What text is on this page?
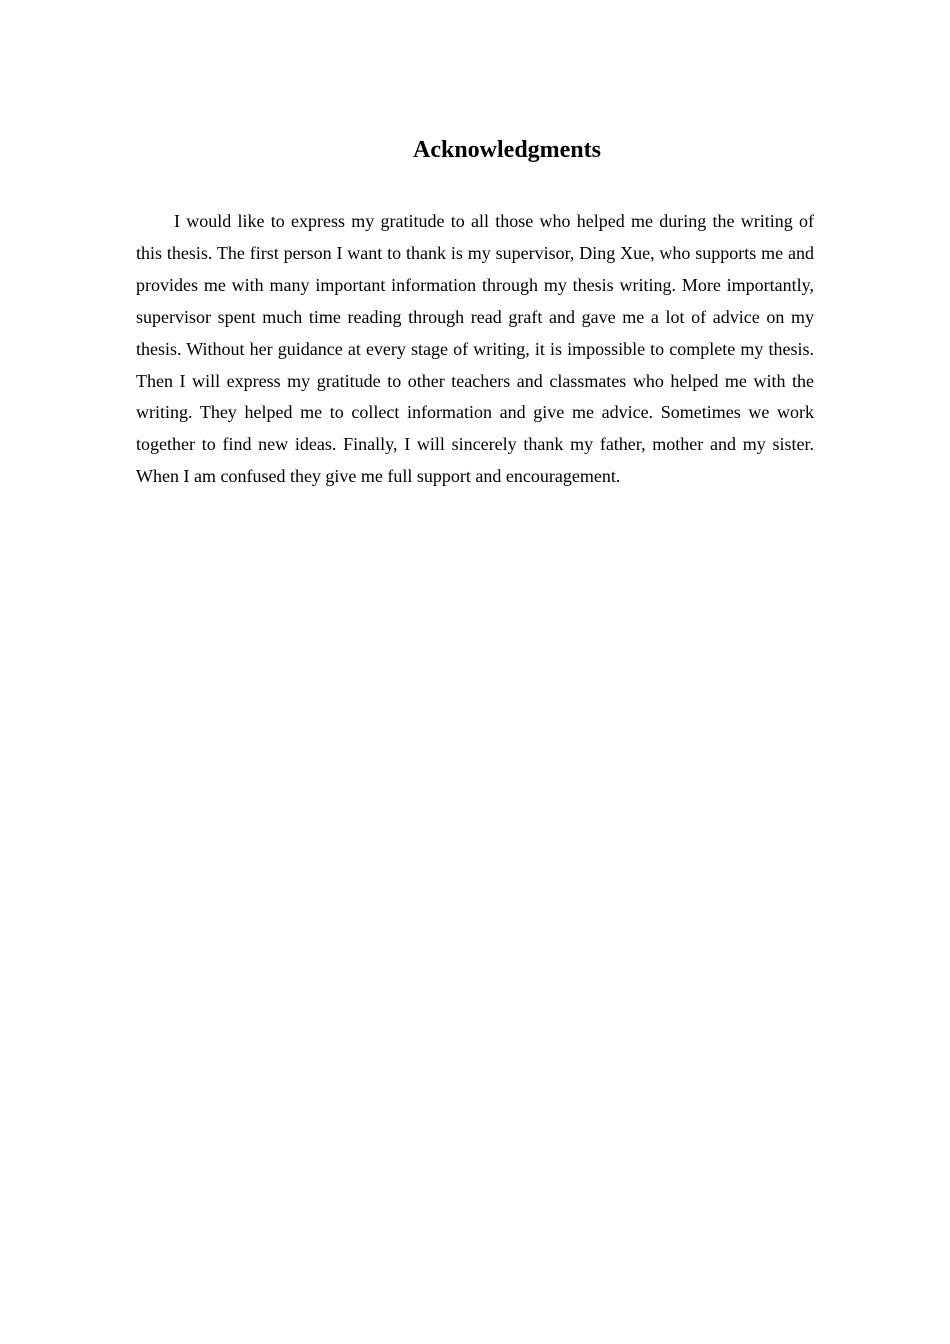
Acknowledgments

I would like to express my gratitude to all those who helped me during the writing of this thesis. The first person I want to thank is my supervisor, Ding Xue, who supports me and provides me with many important information through my thesis writing. More importantly, supervisor spent much time reading through read graft and gave me a lot of advice on my thesis. Without her guidance at every stage of writing, it is impossible to complete my thesis. Then I will express my gratitude to other teachers and classmates who helped me with the writing. They helped me to collect information and give me advice. Sometimes we work together to find new ideas. Finally, I will sincerely thank my father, mother and my sister. When I am confused they give me full support and encouragement.
